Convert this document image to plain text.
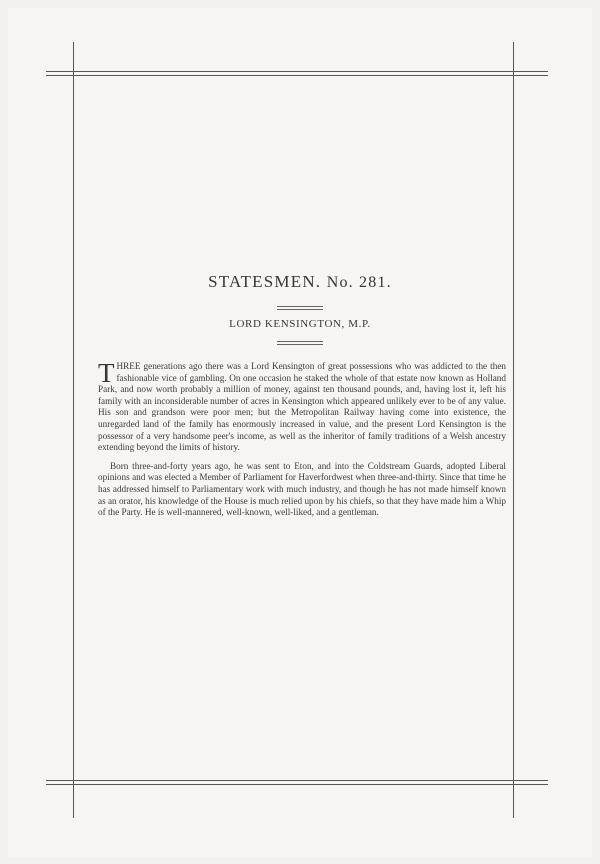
STATESMEN. No. 281.
LORD KENSINGTON, M.P.

THREE generations ago there was a Lord Kensington of great possessions who was addicted to the then fashionable vice of gambling. On one occasion he staked the whole of that estate now known as Holland Park, and now worth probably a million of money, against ten thousand pounds, and, having lost it, left his family with an inconsiderable number of acres in Kensington which appeared unlikely ever to be of any value. His son and grandson were poor men; but the Metropolitan Railway having come into existence, the unregarded land of the family has enormously increased in value, and the present Lord Kensington is the possessor of a very handsome peer's income, as well as the inheritor of family traditions of a Welsh ancestry extending beyond the limits of history.

Born three-and-forty years ago, he was sent to Eton, and into the Coldstream Guards, adopted Liberal opinions and was elected a Member of Parliament for Haverfordwest when three-and-thirty. Since that time he has addressed himself to Parliamentary work with much industry, and though he has not made himself known as an orator, his knowledge of the House is much relied upon by his chiefs, so that they have made him a Whip of the Party. He is well-mannered, well-known, well-liked, and a gentleman.
